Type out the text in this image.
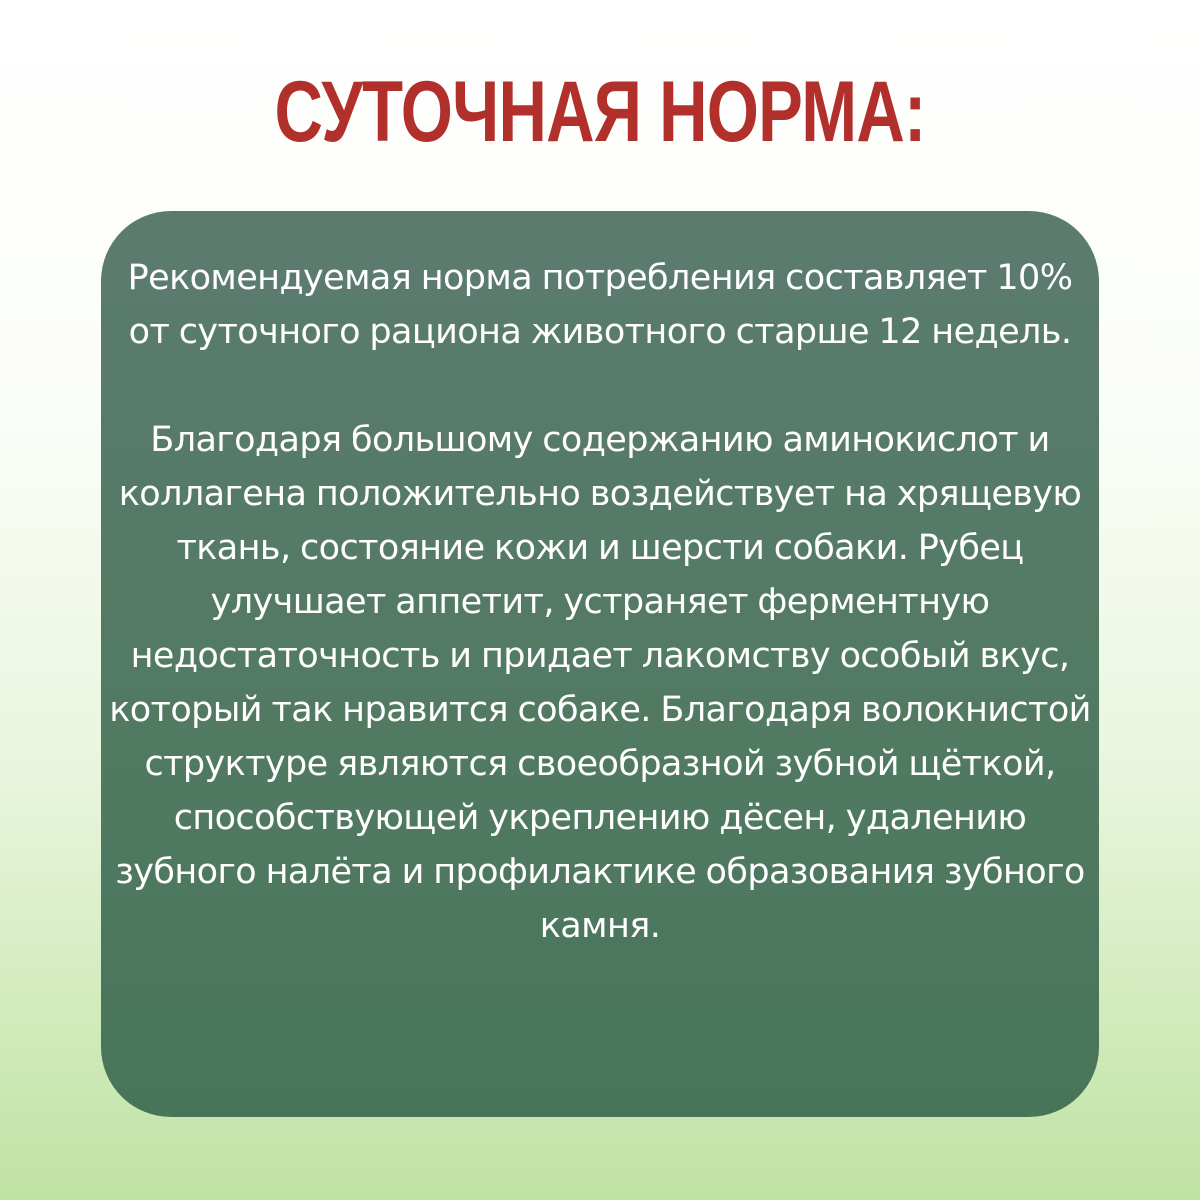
СУТОЧНАЯ НОРМА:

Рекомендуемая норма потребления составляет 10% от суточного рациона животного старше 12 недель.

Благодаря большому содержанию аминокислот и коллагена положительно воздействует на хрящевую ткань, состояние кожи и шерсти собаки. Рубец улучшает аппетит, устраняет ферментную недостаточность и придает лакомству особый вкус, который так нравится собаке. Благодаря волокнистой структуре являются своеобразной зубной щёткой, способствующей укреплению дёсен, удалению зубного налёта и профилактике образования зубного камня.
